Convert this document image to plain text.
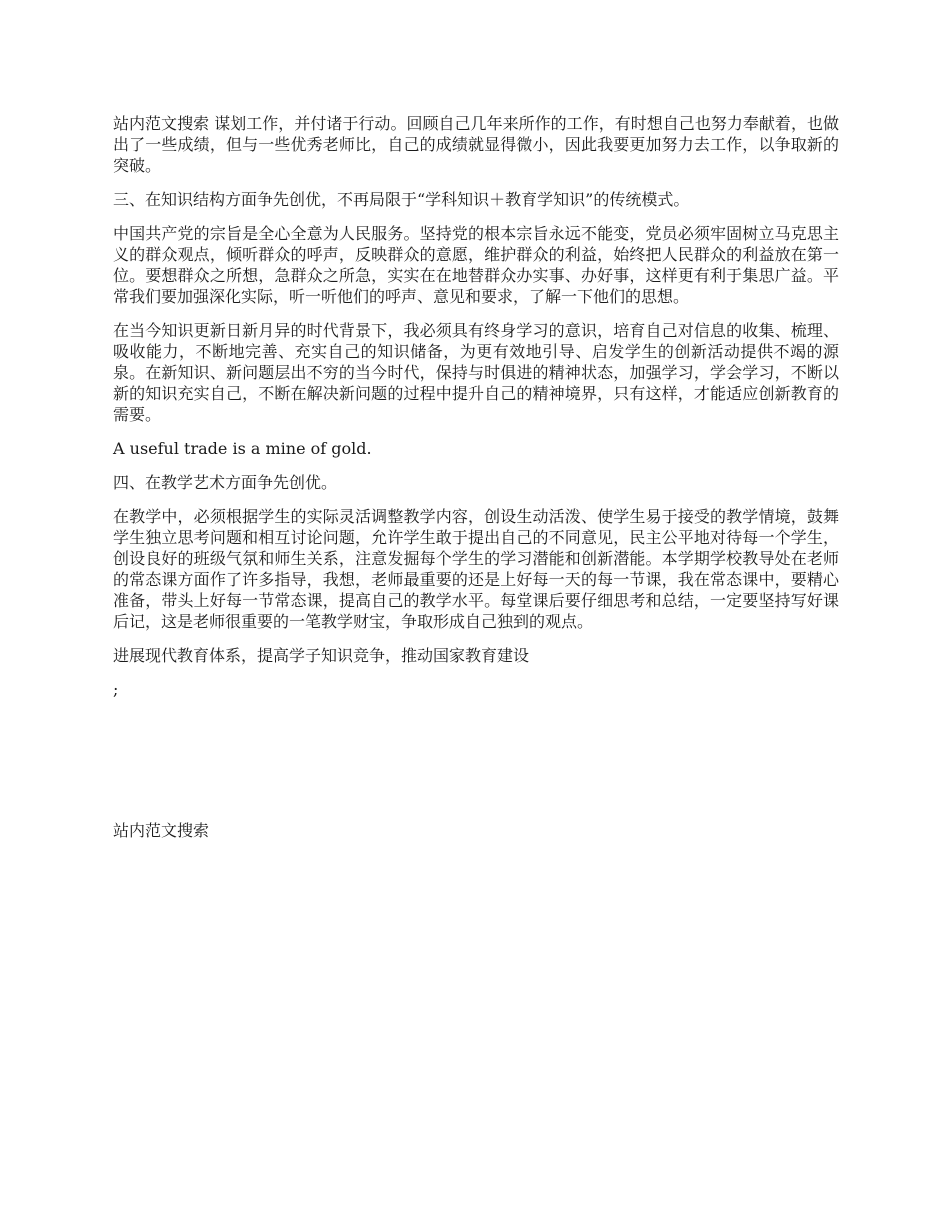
站内范文搜索 谋划工作，并付诸于行动。回顾自己几年来所作的工作，有时想自己也努力奉献着，也做出了一些成绩，但与一些优秀老师比，自己的成绩就显得微小，因此我要更加努力去工作，以争取新的突破。

三、在知识结构方面争先创优，不再局限于“学科知识＋教育学知识”的传统模式。

中国共产党的宗旨是全心全意为人民服务。坚持党的根本宗旨永远不能变，党员必须牢固树立马克思主义的群众观点，倾听群众的呼声，反映群众的意愿，维护群众的利益，始终把人民群众的利益放在第一位。要想群众之所想，急群众之所急，实实在在地替群众办实事、办好事，这样更有利于集思广益。平常我们要加强深化实际，听一听他们的呼声、意见和要求，了解一下他们的思想。

在当今知识更新日新月异的时代背景下，我必须具有终身学习的意识，培育自己对信息的收集、梳理、吸收能力，不断地完善、充实自己的知识储备，为更有效地引导、启发学生的创新活动提供不竭的源泉。在新知识、新问题层出不穷的当今时代，保持与时俱进的精神状态，加强学习，学会学习，不断以新的知识充实自己，不断在解决新问题的过程中提升自己的精神境界，只有这样，才能适应创新教育的需要。

A useful trade is a mine of gold.

四、在教学艺术方面争先创优。

在教学中，必须根据学生的实际灵活调整教学内容，创设生动活泼、使学生易于接受的教学情境，鼓舞学生独立思考问题和相互讨论问题，允许学生敢于提出自己的不同意见，民主公平地对待每一个学生，创设良好的班级气氛和师生关系，注意发掘每个学生的学习潜能和创新潜能。本学期学校教导处在老师的常态课方面作了许多指导，我想，老师最重要的还是上好每一天的每一节课，我在常态课中，要精心准备，带头上好每一节常态课，提高自己的教学水平。每堂课后要仔细思考和总结，一定要坚持写好课后记，这是老师很重要的一笔教学财宝，争取形成自己独到的观点。

进展现代教育体系，提高学子知识竞争，推动国家教育建设

;

站内范文搜索
